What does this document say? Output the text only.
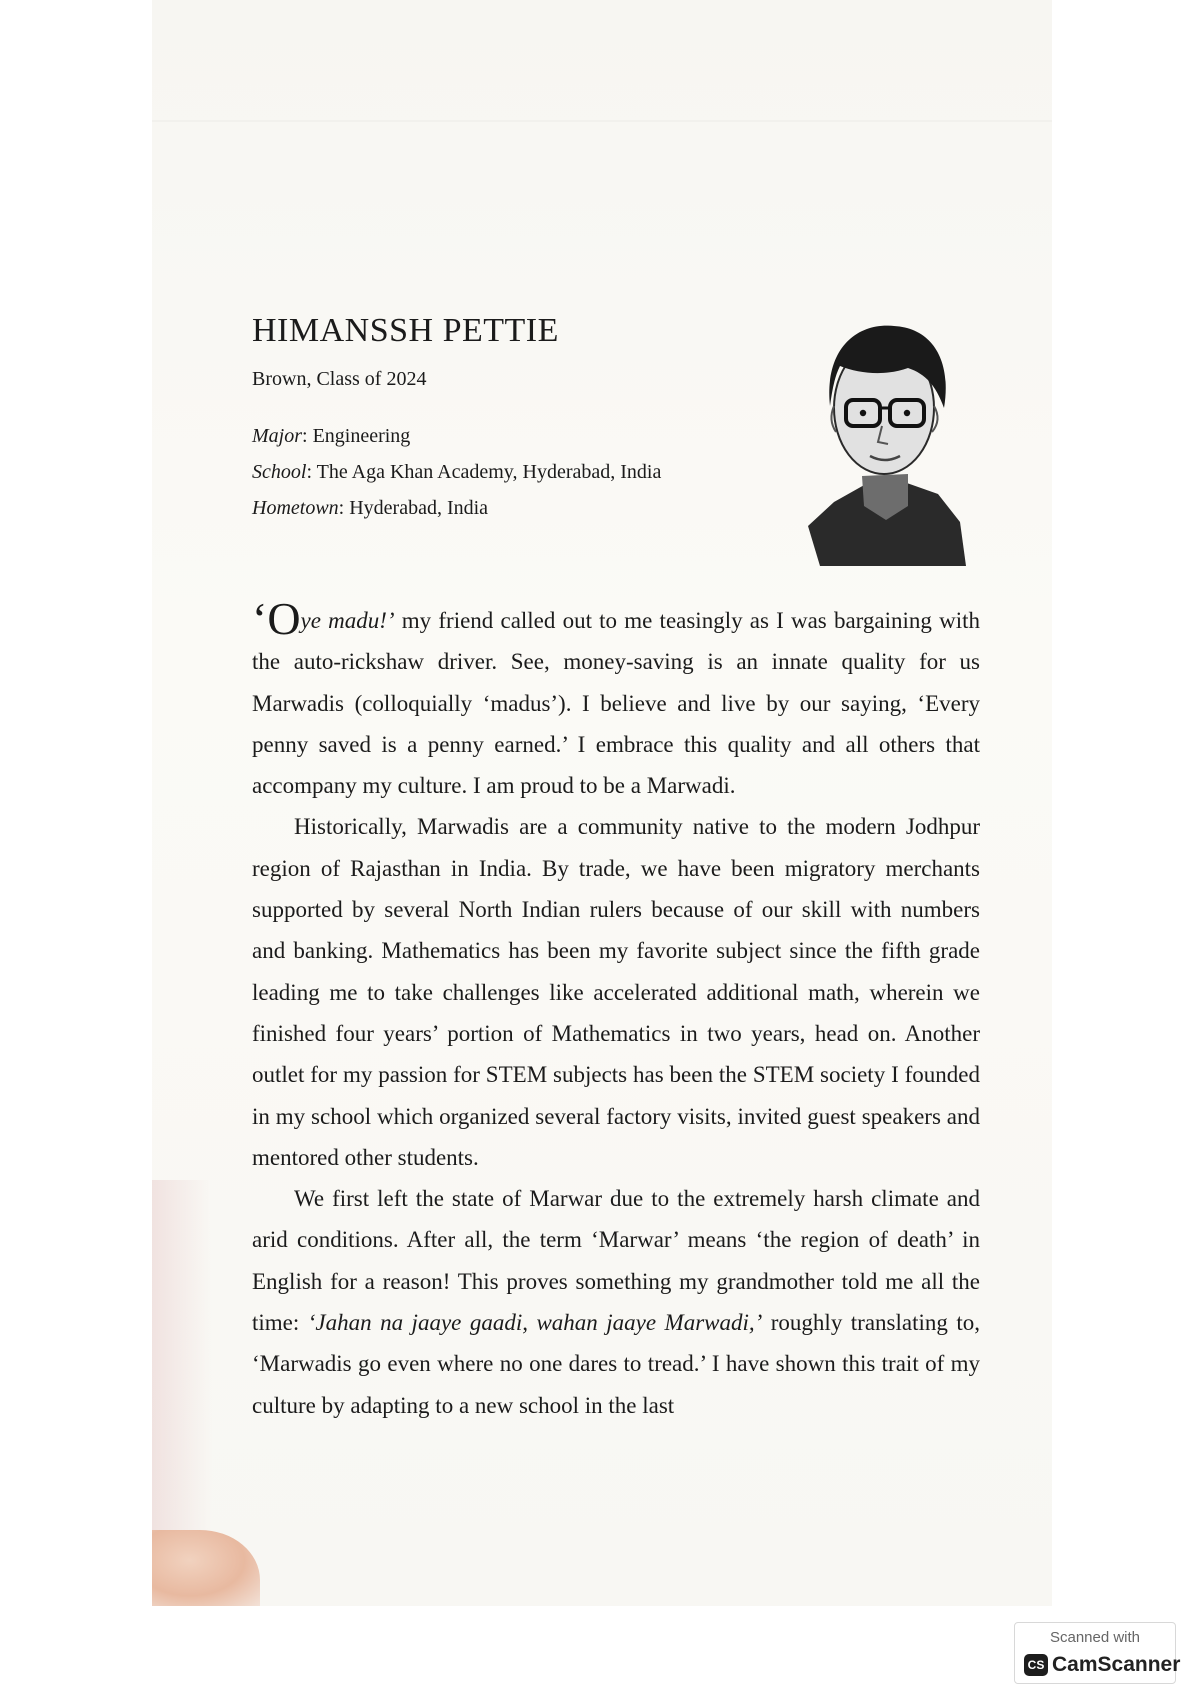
HIMANSSH PETTIE
Brown, Class of 2024
Major: Engineering
School: The Aga Khan Academy, Hyderabad, India
Hometown: Hyderabad, India

‘Oye madu!’ my friend called out to me teasingly as I was bargaining with the auto-rickshaw driver. See, money-saving is an innate quality for us Marwadis (colloquially ‘madus’). I believe and live by our saying, ‘Every penny saved is a penny earned.’ I embrace this quality and all others that accompany my culture. I am proud to be a Marwadi.

Historically, Marwadis are a community native to the modern Jodhpur region of Rajasthan in India. By trade, we have been migratory merchants supported by several North Indian rulers because of our skill with numbers and banking. Mathematics has been my favorite subject since the fifth grade leading me to take challenges like accelerated additional math, wherein we finished four years’ portion of Mathematics in two years, head on. Another outlet for my passion for STEM subjects has been the STEM society I founded in my school which organized several factory visits, invited guest speakers and mentored other students.

We first left the state of Marwar due to the extremely harsh climate and arid conditions. After all, the term ‘Marwar’ means ‘the region of death’ in English for a reason! This proves something my grandmother told me all the time: ‘Jahan na jaaye gaadi, wahan jaaye Marwadi,’ roughly translating to, ‘Marwadis go even where no one dares to tread.’ I have shown this trait of my culture by adapting to a new school in the last

Scanned with
CS CamScanner
